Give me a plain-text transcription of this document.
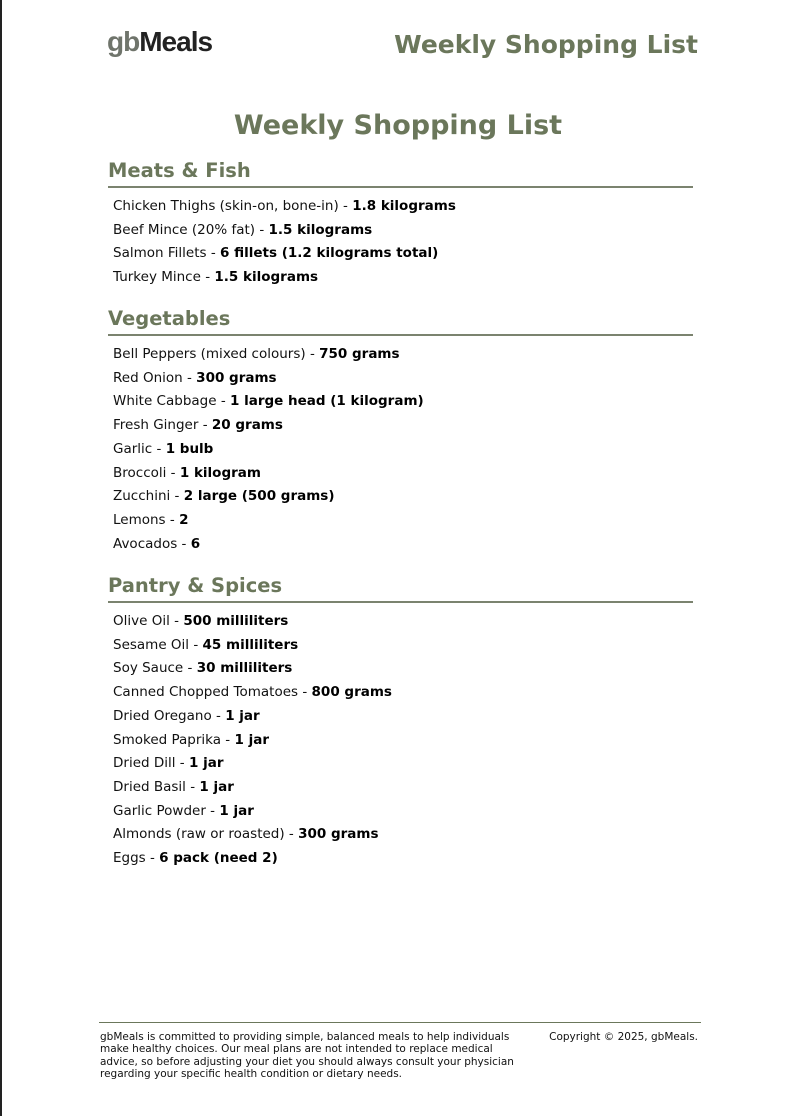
gbMeals	Weekly Shopping List
Weekly Shopping List
Meats & Fish
Chicken Thighs (skin-on, bone-in) - 1.8 kilograms
Beef Mince (20% fat) - 1.5 kilograms
Salmon Fillets - 6 fillets (1.2 kilograms total)
Turkey Mince - 1.5 kilograms
Vegetables
Bell Peppers (mixed colours) - 750 grams
Red Onion - 300 grams
White Cabbage - 1 large head (1 kilogram)
Fresh Ginger - 20 grams
Garlic - 1 bulb
Broccoli - 1 kilogram
Zucchini - 2 large (500 grams)
Lemons - 2
Avocados - 6
Pantry & Spices
Olive Oil - 500 milliliters
Sesame Oil - 45 milliliters
Soy Sauce - 30 milliliters
Canned Chopped Tomatoes - 800 grams
Dried Oregano - 1 jar
Smoked Paprika - 1 jar
Dried Dill - 1 jar
Dried Basil - 1 jar
Garlic Powder - 1 jar
Almonds (raw or roasted) - 300 grams
Eggs - 6 pack (need 2)
gbMeals is committed to providing simple, balanced meals to help individuals make healthy choices. Our meal plans are not intended to replace medical advice, so before adjusting your diet you should always consult your physician regarding your specific health condition or dietary needs.
Copyright © 2025, gbMeals.
